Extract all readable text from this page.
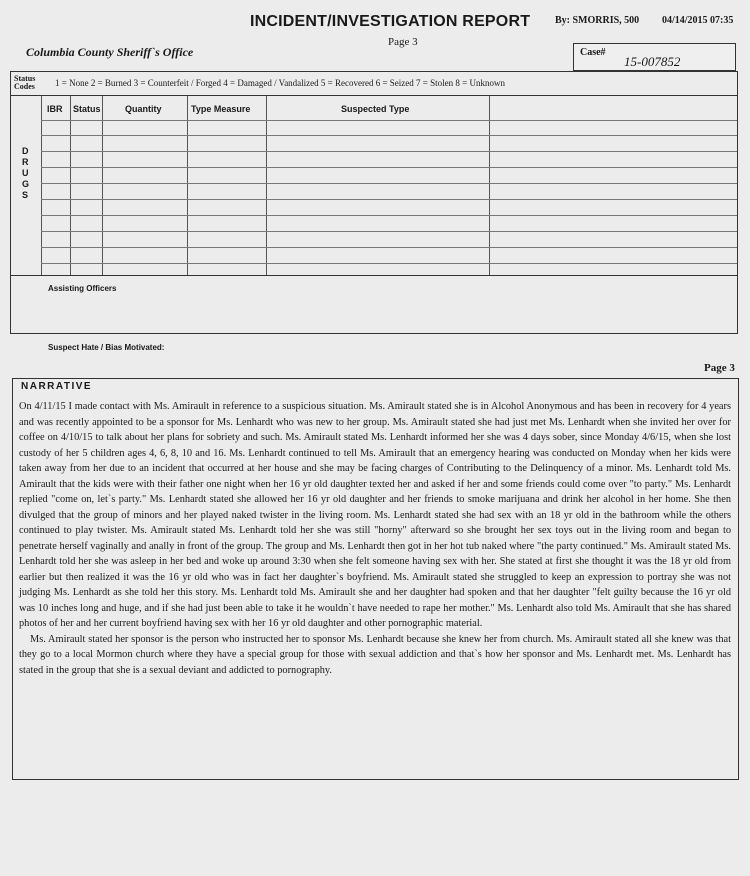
INCIDENT/INVESTIGATION REPORT By: SMORRIS, 500 04/14/2015 07:35
Page 3
Columbia County Sheriff`s Office	Case#
15-007852
Status
Codes 1 = None 2 = Burned 3 = Counterfeit / Forged 4 = Damaged / Vandalized 5 = Recovered 6 = Seized 7 = Stolen 8 = Unknown
IBR Status	Quantity	Type Measure	Suspected Type
D
R
U
G
S
Assisting Officers
Suspect Hate / Bias Motivated:
Page 3
NARRATIVE

On 4/11/15 I made contact with Ms. Amirault in reference to a suspicious situation. Ms. Amirault stated she is in Alcohol Anonymous and has been in recovery for 4 years and was recently appointed to be a sponsor for Ms. Lenhardt who was new to her group. Ms. Amirault stated she had just met Ms. Lenhardt when she invited her over for coffee on 4/10/15 to talk about her plans for sobriety and such. Ms. Amirault stated Ms. Lenhardt informed her she was 4 days sober, since Monday 4/6/15, when she lost custody of her 5 children ages 4, 6, 8, 10 and 16. Ms. Lenhardt continued to tell Ms. Amirault that an emergency hearing was conducted on Monday when her kids were taken away from her due to an incident that occurred at her house and she may be facing charges of Contributing to the Delinquency of a minor. Ms. Lenhardt told Ms. Amirault that the kids were with their father one night when her 16 yr old daughter texted her and asked if her and some friends could come over "to party." Ms. Lenhardt replied "come on, let`s party." Ms. Lenhardt stated she allowed her 16 yr old daughter and her friends to smoke marijuana and drink her alcohol in her home. She then divulged that the group of minors and her played naked twister in the living room. Ms. Lenhardt stated she had sex with an 18 yr old in the bathroom while the others continued to play twister. Ms. Amirault stated Ms. Lenhardt told her she was still "horny" afterward so she brought her sex toys out in the living room and began to penetrate herself vaginally and anally in front of the group. The group and Ms. Lenhardt then got in her hot tub naked where "the party continued." Ms. Amirault stated Ms. Lenhardt told her she was asleep in her bed and woke up around 3:30 when she felt someone having sex with her. She stated at first she thought it was the 18 yr old from earlier but then realized it was the 16 yr old who was in fact her daughter`s boyfriend. Ms. Amirault stated she struggled to keep an expression to portray she was not judging Ms. Lenhardt as she told her this story. Ms. Lenhardt told Ms. Amirault she and her daughter had spoken and that her daughter "felt guilty because the 16 yr old was 10 inches long and huge, and if she had just been able to take it he wouldn`t have needed to rape her mother." Ms. Lenhardt also told Ms. Amirault that she has shared photos of her and her current boyfriend having sex with her 16 yr old daughter and other pornographic material.

Ms. Amirault stated her sponsor is the person who instructed her to sponsor Ms. Lenhardt because she knew her from church. Ms. Amirault stated all she knew was that they go to a local Mormon church where they have a special group for those with sexual addiction and that`s how her sponsor and Ms. Lenhardt met. Ms. Lenhardt has stated in the group that she is a sexual deviant and addicted to pornography.
